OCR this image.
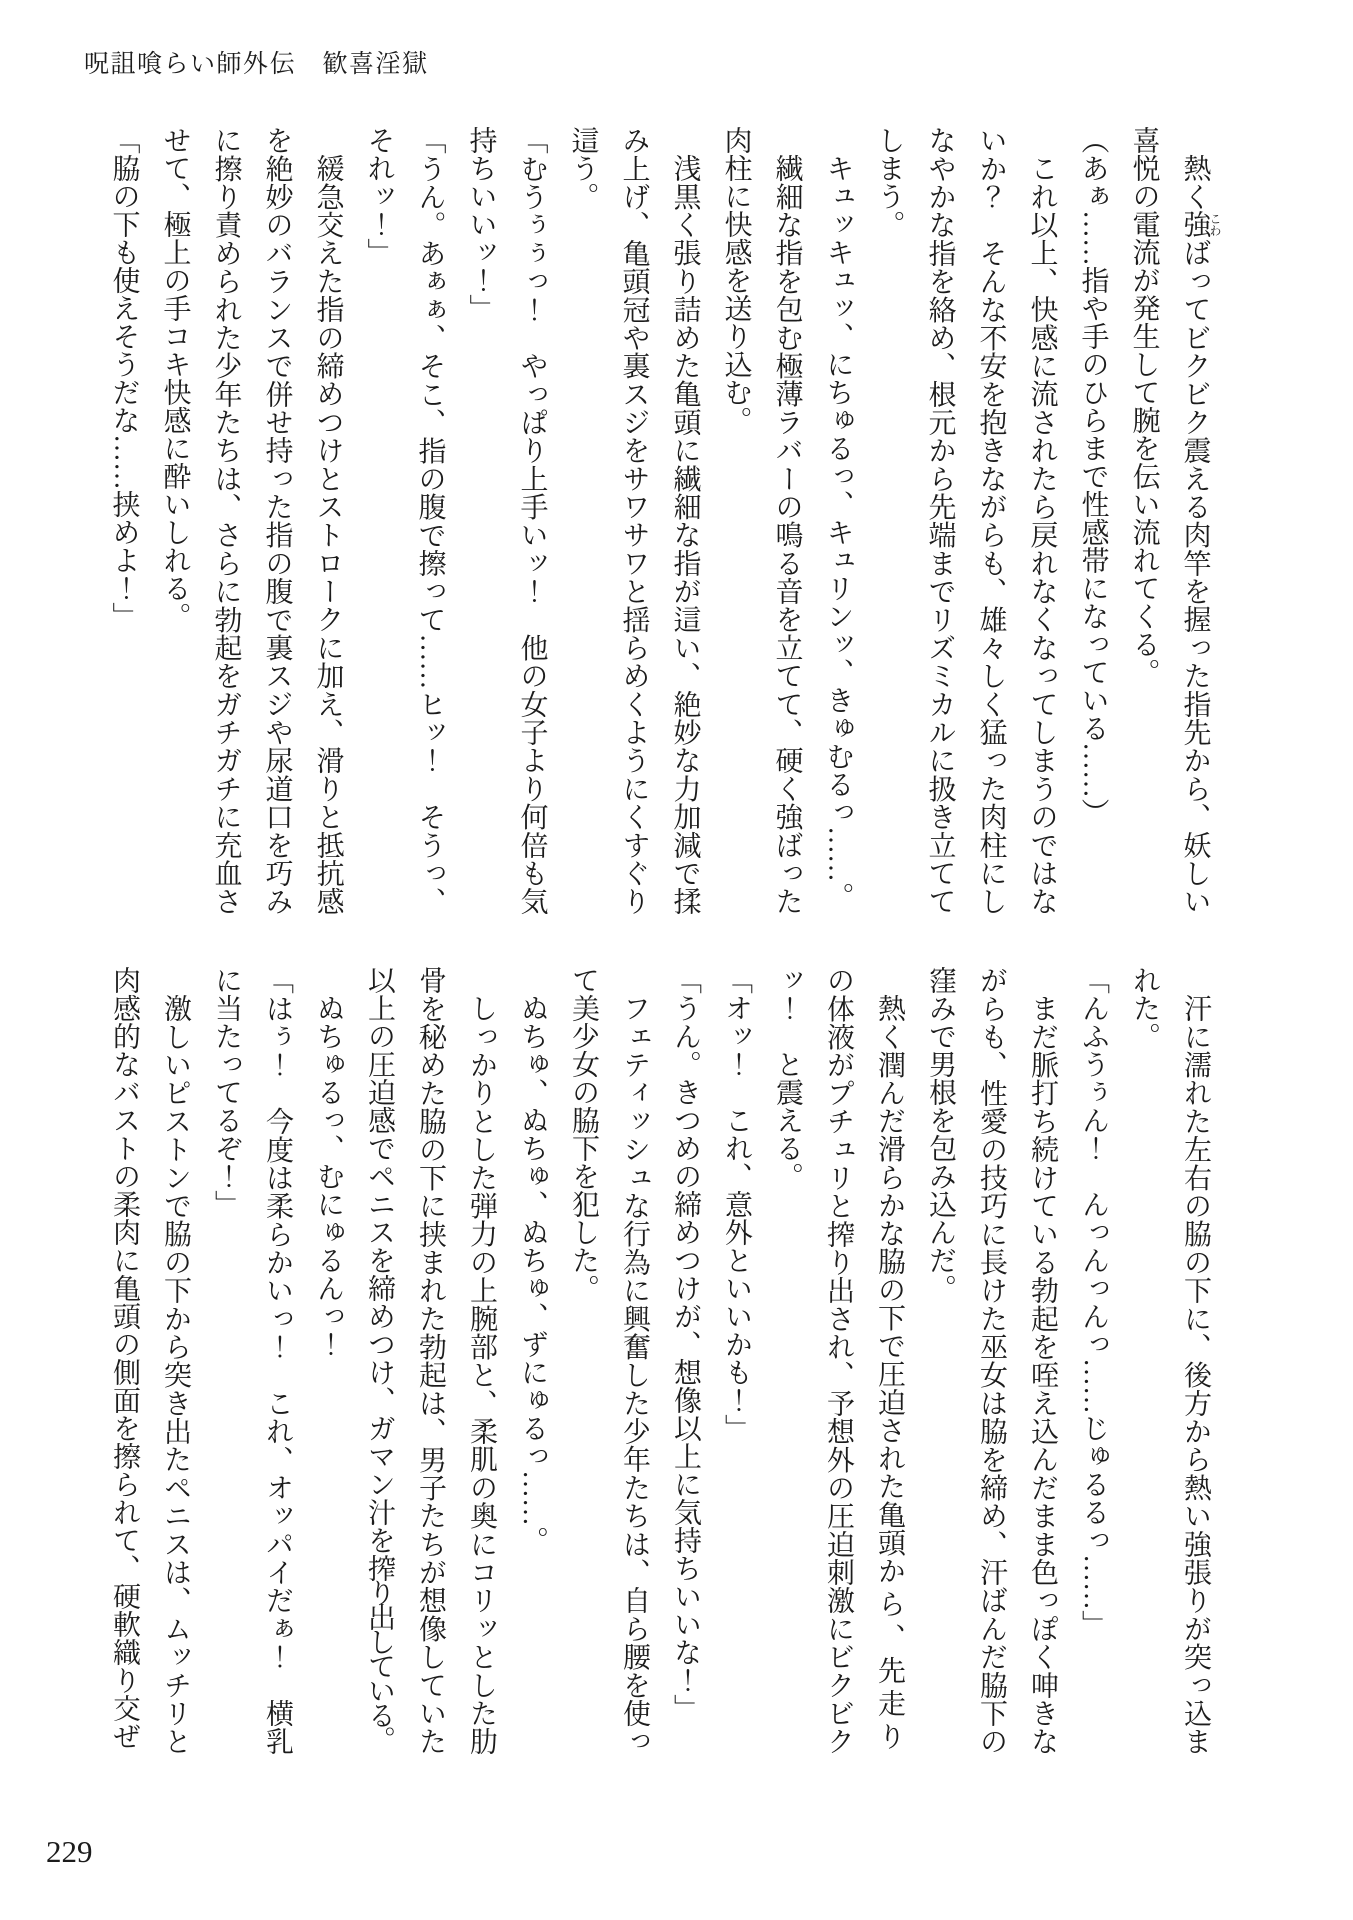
呪詛喰らい師外伝　歓喜淫獄

熱く強こわばってビクビク震える肉竿を握った指先から、妖しい喜悦の電流が発生して腕を伝い流れてくる。

（あぁ……指や手のひらまで性感帯になっている……）

これ以上、快感に流されたら戻れなくなってしまうのではないか？　そんな不安を抱きながらも、雄々しく猛った肉柱にしなやかな指を絡め、根元から先端までリズミカルに扱き立ててしまう。

キュッキュッ、にちゅるっ、キュリンッ、きゅむるっ……。

繊細な指を包む極薄ラバーの鳴る音を立てて、硬く強ばった肉柱に快感を送り込む。

浅黒く張り詰めた亀頭に繊細な指が這い、絶妙な力加減で揉み上げ、亀頭冠や裏スジをサワサワと揺らめくようにくすぐり這う。

「むうぅぅっ！　やっぱり上手いッ！　他の女子より何倍も気持ちいいッ！」

「うん。あぁぁ、そこ、指の腹で擦って……ヒッ！　そうっ、それッ！」

緩急交えた指の締めつけとストロークに加え、滑りと抵抗感を絶妙のバランスで併せ持った指の腹で裏スジや尿道口を巧みに擦り責められた少年たちは、さらに勃起をガチガチに充血させて、極上の手コキ快感に酔いしれる。

「脇の下も使えそうだな……挟めよ！」

汗に濡れた左右の脇の下に、後方から熱い強張りが突っ込まれた。

「んふうぅん！　んっんっんっ……じゅるるっ……」

まだ脈打ち続けている勃起を咥え込んだまま色っぽく呻きながらも、性愛の技巧に長けた巫女は脇を締め、汗ばんだ脇下の窪みで男根を包み込んだ。

熱く潤んだ滑らかな脇の下で圧迫された亀頭から、先走りの体液がプチュリと搾り出され、予想外の圧迫刺激にビクビクッ！　と震える。

「オッ！　これ、意外といいかも！」

「うん。きつめの締めつけが、想像以上に気持ちいいな！」

フェティッシュな行為に興奮した少年たちは、自ら腰を使って美少女の脇下を犯した。

ぬちゅ、ぬちゅ、ぬちゅ、ずにゅるっ……。

しっかりとした弾力の上腕部と、柔肌の奥にコリッとした肋骨を秘めた脇の下に挟まれた勃起は、男子たちが想像していた以上の圧迫感でペニスを締めつけ、ガマン汁を搾り出している。

ぬちゅるっ、むにゅるんっ！

「はぅ！　今度は柔らかいっ！　これ、オッパイだぁ！　横乳に当たってるぞ！」

激しいピストンで脇の下から突き出たペニスは、ムッチリと肉感的なバストの柔肉に亀頭の側面を擦られて、硬軟織り交ぜ

229
